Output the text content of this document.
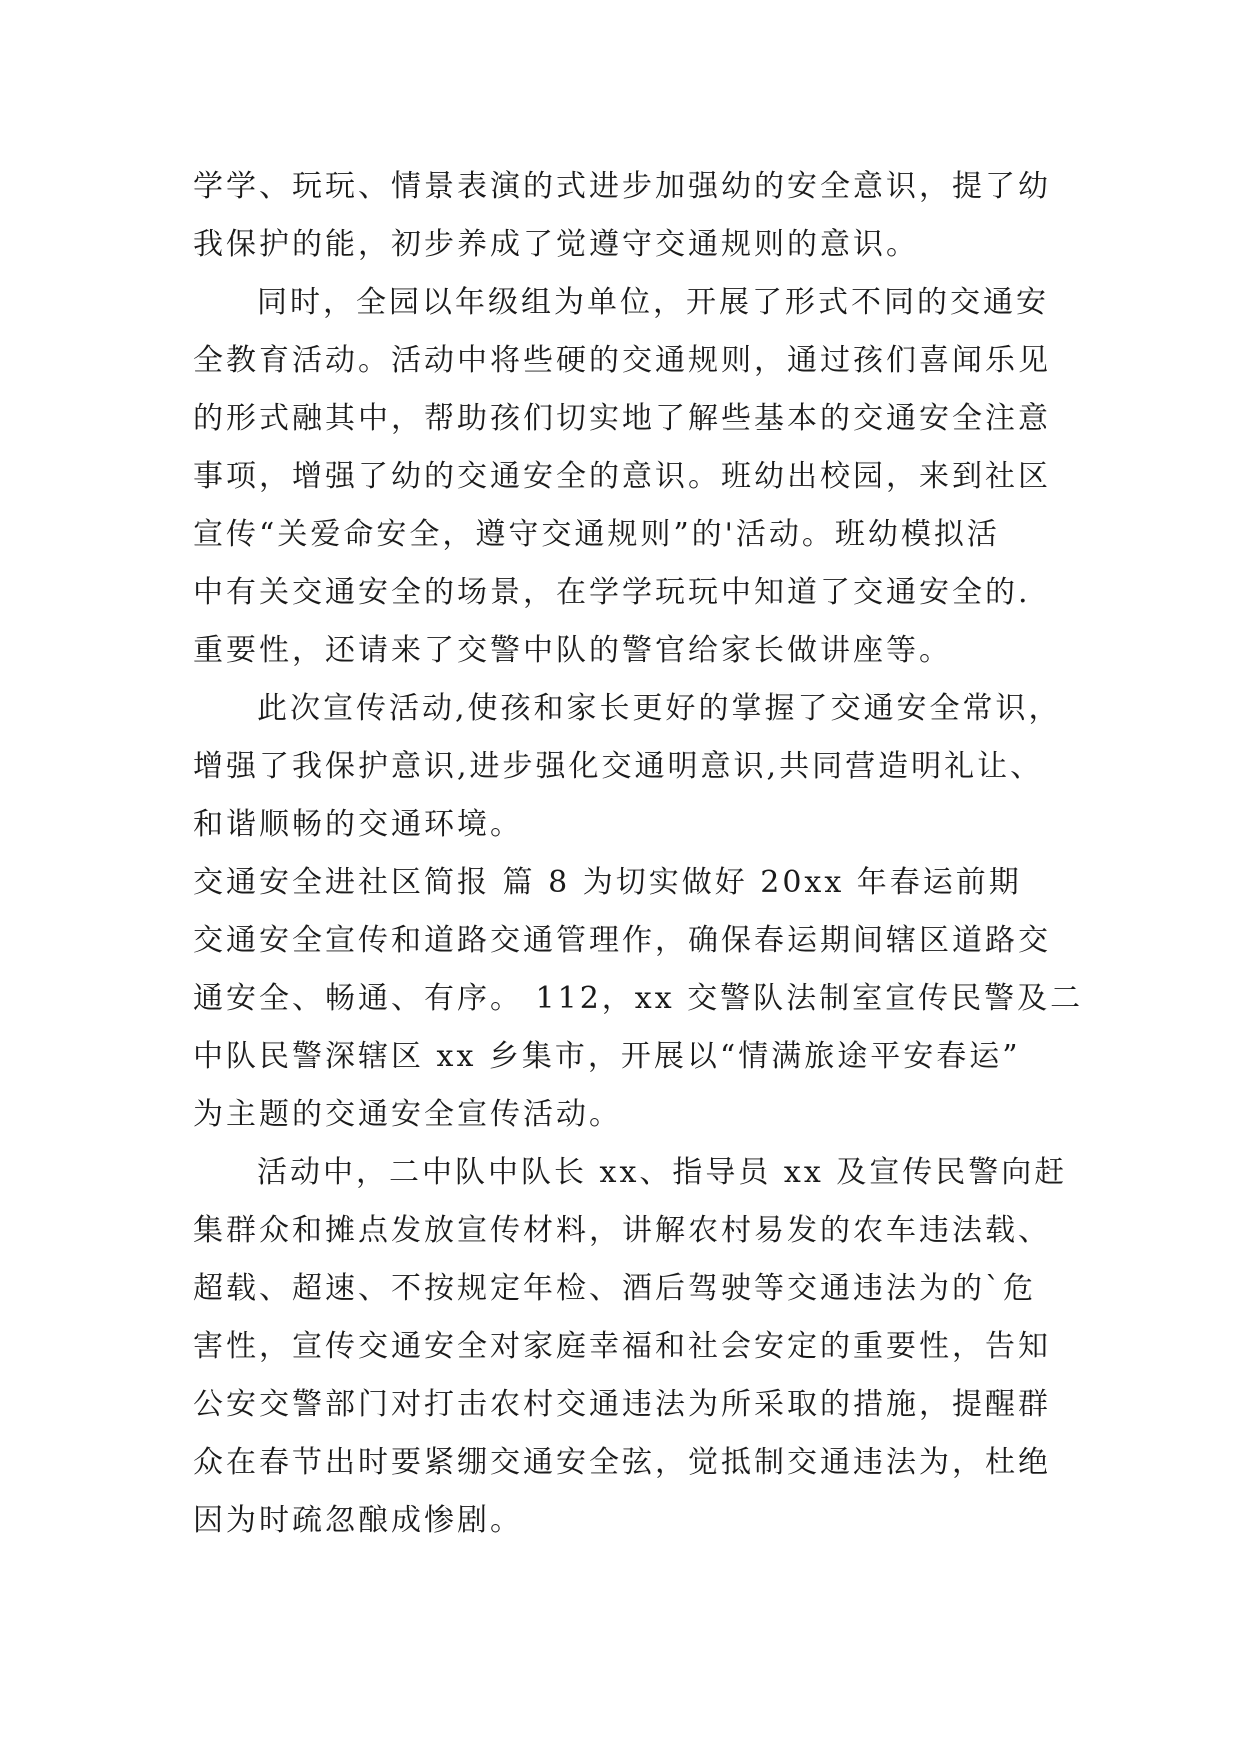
学学、玩玩、情景表演的式进步加强幼的安全意识，提了幼
我保护的能，初步养成了觉遵守交通规则的意识。
同时，全园以年级组为单位，开展了形式不同的交通安
全教育活动。活动中将些硬的交通规则，通过孩们喜闻乐见
的形式融其中，帮助孩们切实地了解些基本的交通安全注意
事项，增强了幼的交通安全的意识。班幼出校园，来到社区
宣传“关爱命安全，遵守交通规则”的'活动。班幼模拟活
中有关交通安全的场景，在学学玩玩中知道了交通安全的.
重要性，还请来了交警中队的警官给家长做讲座等。
此次宣传活动,使孩和家长更好的掌握了交通安全常识，
增强了我保护意识,进步强化交通明意识,共同营造明礼让、
和谐顺畅的交通环境。
交通安全进社区简报 篇 8 为切实做好 20xx 年春运前期
交通安全宣传和道路交通管理作，确保春运期间辖区道路交
通安全、畅通、有序。 112，xx 交警队法制室宣传民警及二
中队民警深辖区 xx 乡集市，开展以“情满旅途平安春运”
为主题的交通安全宣传活动。
活动中，二中队中队长 xx、指导员 xx 及宣传民警向赶
集群众和摊点发放宣传材料，讲解农村易发的农车违法载、
超载、超速、不按规定年检、酒后驾驶等交通违法为的`危
害性，宣传交通安全对家庭幸福和社会安定的重要性，告知
公安交警部门对打击农村交通违法为所采取的措施，提醒群
众在春节出时要紧绷交通安全弦，觉抵制交通违法为，杜绝
因为时疏忽酿成惨剧。
